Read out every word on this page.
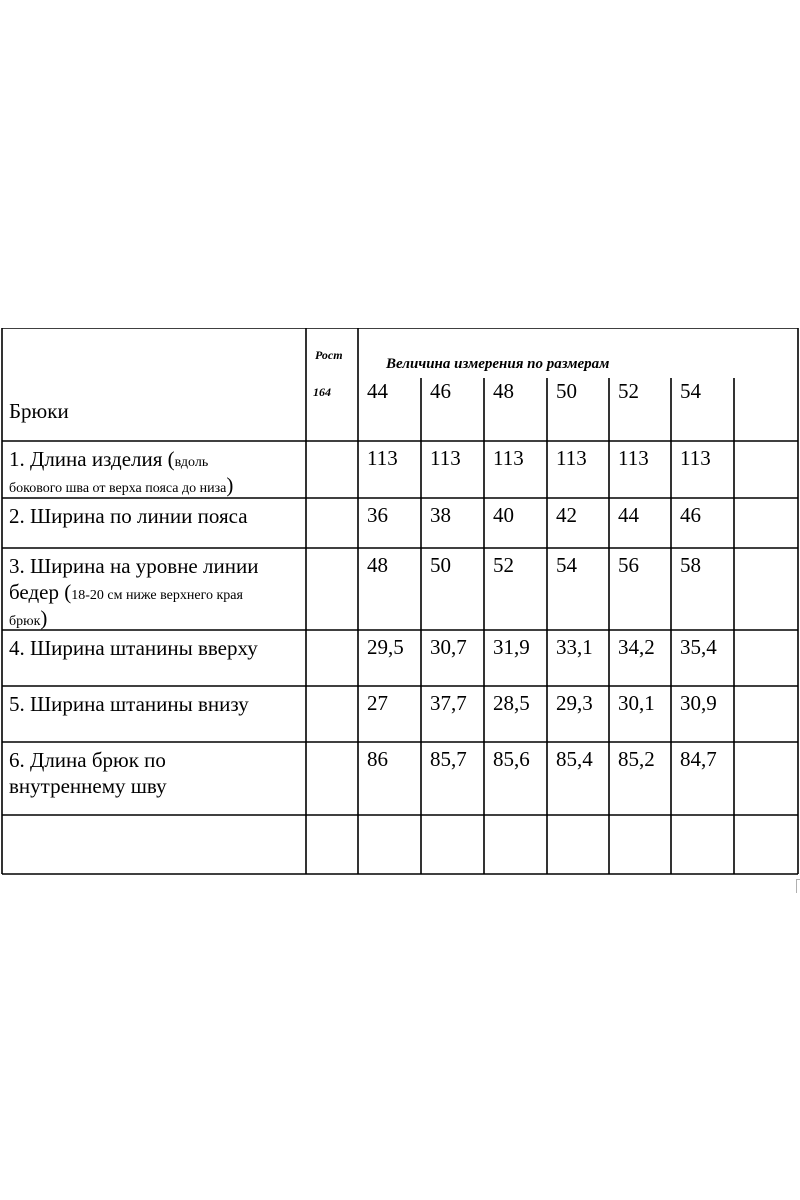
Брюки
Рост
164
Величина измерения по размерам
44 46 48 50 52 54
1. Длина изделия (вдоль
бокового шва от верха пояса до низа)
113 113 113 113 113 113
2. Ширина по линии пояса	36 38 40 42 44 46
3. Ширина на уровне линии
бедер (18-20 см ниже верхнего края
брюк)
48 50 52 54 56 58
4. Ширина штанины вверху	29,5 30,7 31,9 33,1 34,2 35,4
5. Ширина штанины внизу	27 37,7 28,5 29,3 30,1 30,9
6. Длина брюк по
внутреннему шву
86 85,7 85,6 85,4 85,2 84,7
